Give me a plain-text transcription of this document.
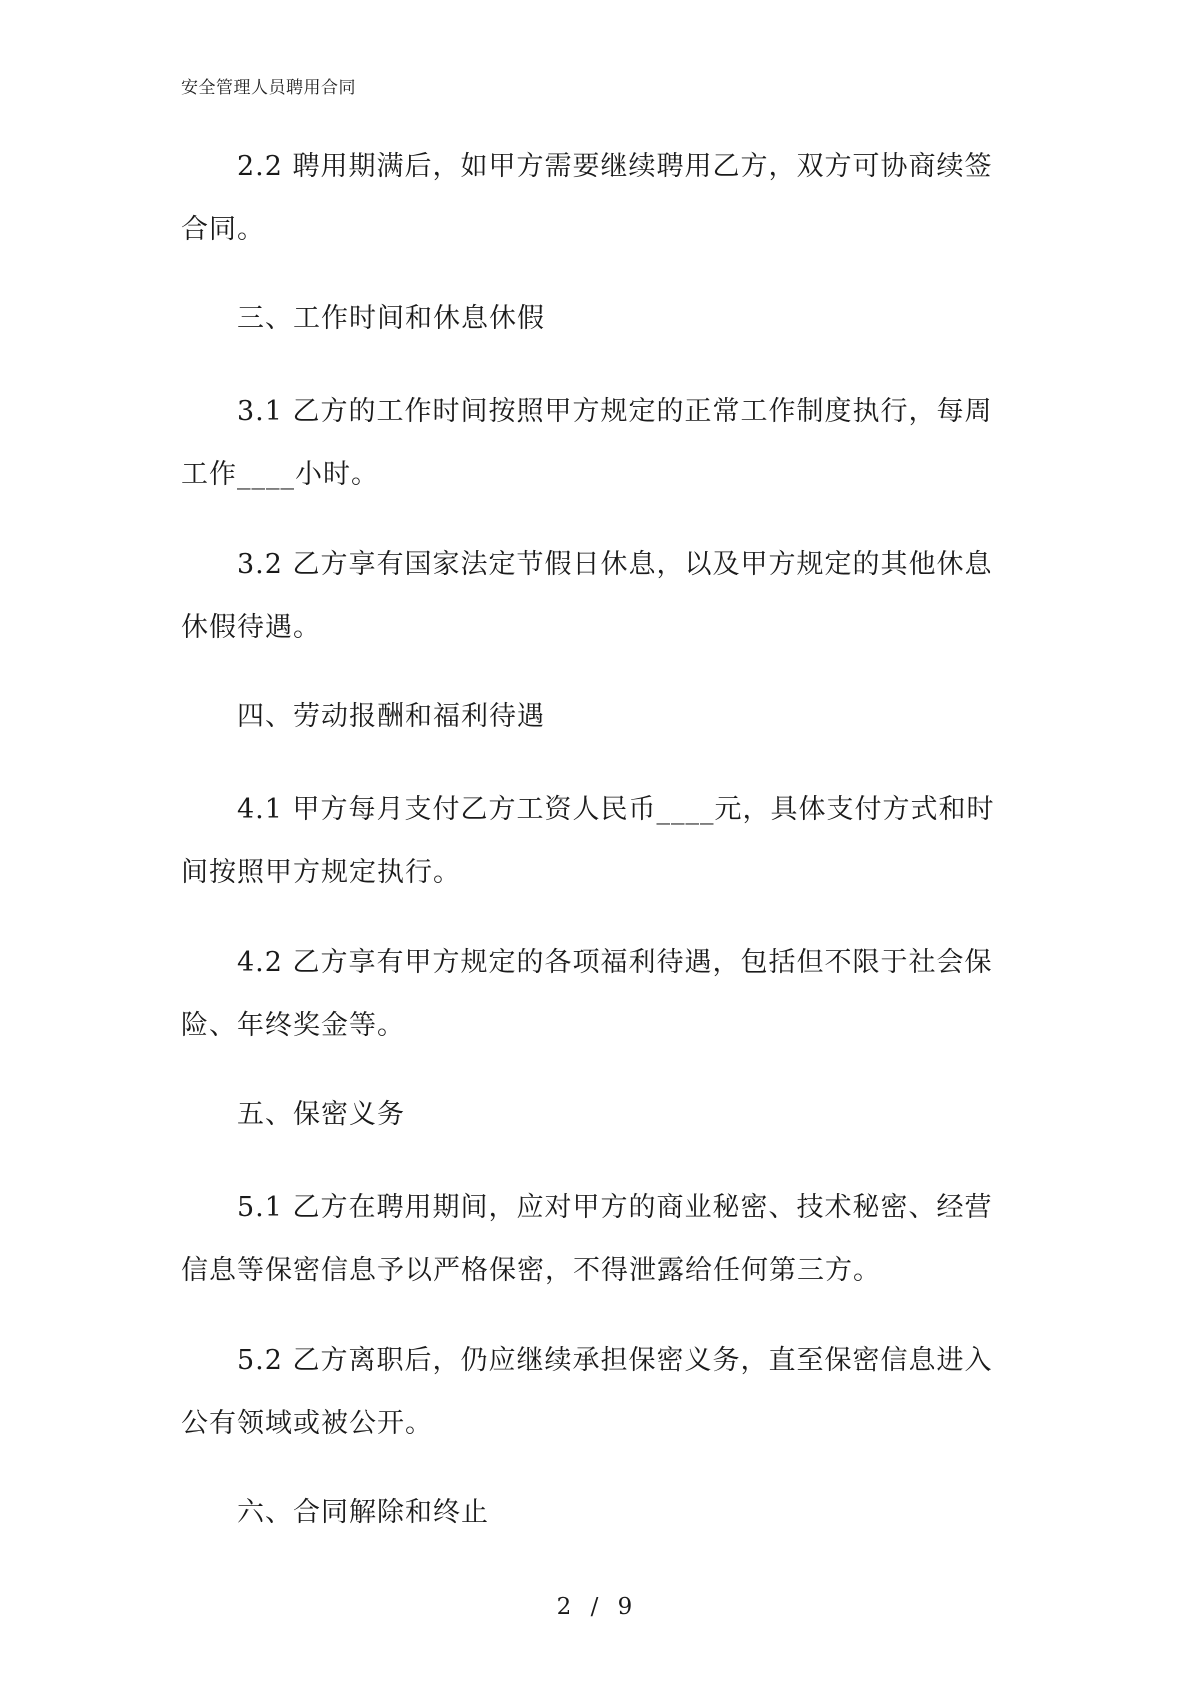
安全管理人员聘用合同

2.2 聘用期满后，如甲方需要继续聘用乙方，双方可协商续签合同。

三、工作时间和休息休假

3.1 乙方的工作时间按照甲方规定的正常工作制度执行，每周工作____小时。

3.2 乙方享有国家法定节假日休息，以及甲方规定的其他休息休假待遇。

四、劳动报酬和福利待遇

4.1 甲方每月支付乙方工资人民币____元，具体支付方式和时间按照甲方规定执行。

4.2 乙方享有甲方规定的各项福利待遇，包括但不限于社会保险、年终奖金等。

五、保密义务

5.1 乙方在聘用期间，应对甲方的商业秘密、技术秘密、经营信息等保密信息予以严格保密，不得泄露给任何第三方。

5.2 乙方离职后，仍应继续承担保密义务，直至保密信息进入公有领域或被公开。

六、合同解除和终止

2 / 9
